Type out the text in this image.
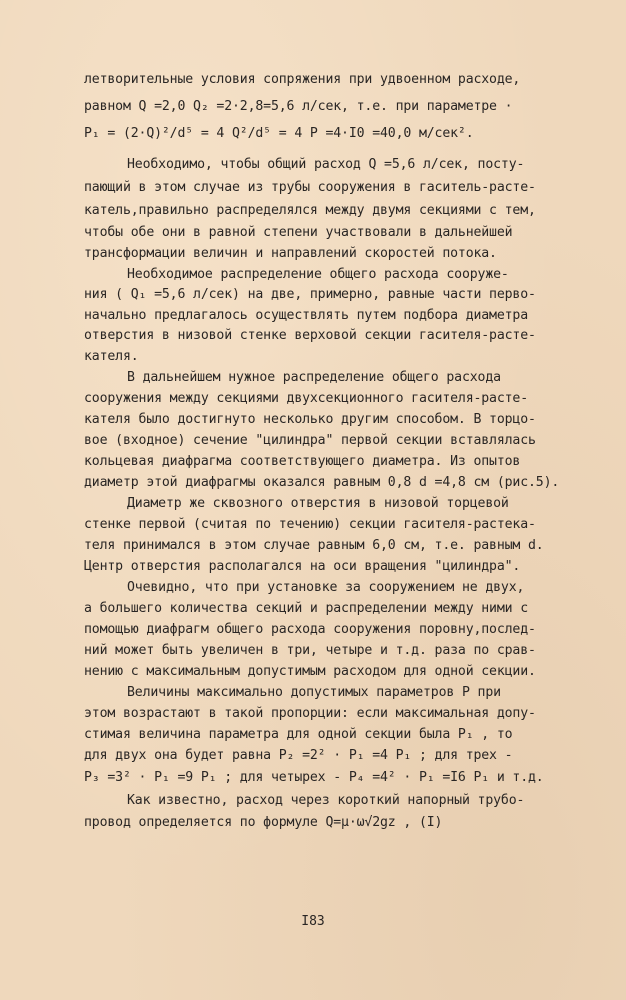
летворительные условия сопряжения при удвоенном расходе,
равном Q =2,0 Q₂ =2·2,8=5,6 л/сек, т.е. при параметре ·
P₁ = (2·Q)²/d⁵ = 4 Q²/d⁵ = 4 P =4·I0 =40,0 м/сек².
Необходимо, чтобы общий расход Q =5,6 л/сек, посту-
пающий в этом случае из трубы сооружения в гаситель-расте-
катель,правильно распределялся между двумя секциями с тем,
чтобы обе они в равной степени участвовали в дальнейшей
трансформации величин и направлений скоростей потока.
Необходимое распределение общего расхода сооруже-
ния ( Q₁ =5,6 л/сек) на две, примерно, равные части перво-
начально предлагалось осуществлять путем подбора диаметра
отверстия в низовой стенке верховой секции гасителя-расте-
кателя.
В дальнейшем нужное распределение общего расхода
сооружения между секциями двухсекционного гасителя-расте-
кателя было достигнуто несколько другим способом. В торцо-
вое (входное) сечение "цилиндра" первой секции вставлялась
кольцевая диафрагма соответствующего диаметра. Из опытов
диаметр этой диафрагмы оказался равным 0,8 d =4,8 см (рис.5).
Диаметр же сквозного отверстия в низовой торцевой
стенке первой (считая по течению) секции гасителя-растека-
теля принимался в этом случае равным 6,0 см, т.е. равным d.
Центр отверстия располагался на оси вращения "цилиндра".
Очевидно, что при установке за сооружением не двух,
а большего количества секций и распределении между ними с
помощью диафрагм общего расхода сооружения поровну,послед-
ний может быть увеличен в три, четыре и т.д. раза по срав-
нению с максимальным допустимым расходом для одной секции.
Величины максимально допустимых параметров P при
этом возрастают в такой пропорции: если максимальная допу-
стимая величина параметра для одной секции была P₁ , то
для двух она будет равна P₂ =2² · P₁ =4 P₁ ; для трех -
P₃ =3² · P₁ =9 P₁ ; для четырех - P₄ =4² · P₁ =I6 P₁ и т.д.
Как известно, расход через короткий напорный трубо-
провод определяется по формуле Q=μ·ω√2gz , (I)
I83
